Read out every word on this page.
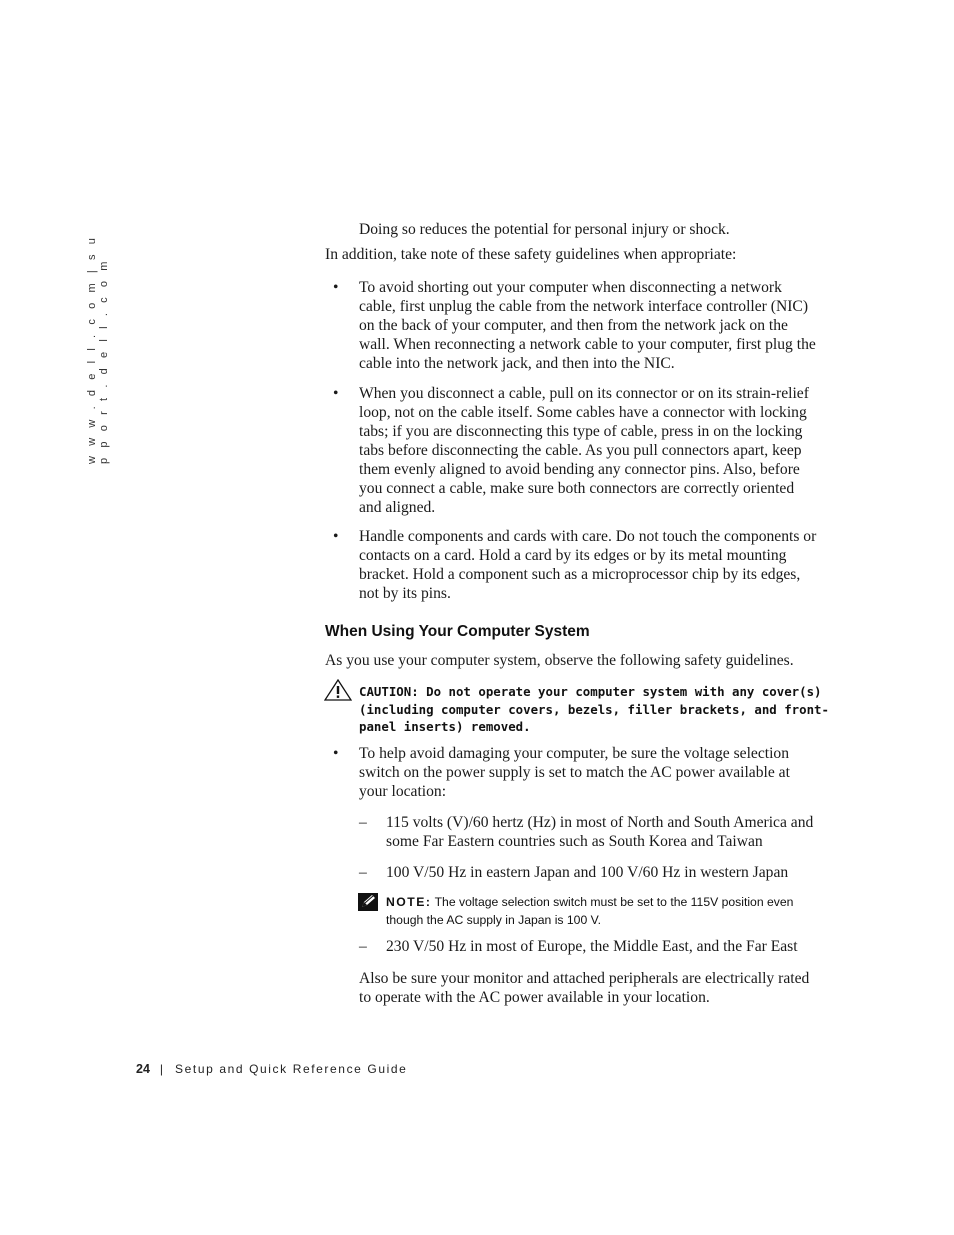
w w w . d e l l . c o m | s u p p o r t . d e l l . c o m
Doing so reduces the potential for personal injury or shock.
In addition, take note of these safety guidelines when appropriate:
• To avoid shorting out your computer when disconnecting a network cable, first unplug the cable from the network interface controller (NIC) on the back of your computer, and then from the network jack on the wall. When reconnecting a network cable to your computer, first plug the cable into the network jack, and then into the NIC.
• When you disconnect a cable, pull on its connector or on its strain-relief loop, not on the cable itself. Some cables have a connector with locking tabs; if you are disconnecting this type of cable, press in on the locking tabs before disconnecting the cable. As you pull connectors apart, keep them evenly aligned to avoid bending any connector pins. Also, before you connect a cable, make sure both connectors are correctly oriented and aligned.
• Handle components and cards with care. Do not touch the components or contacts on a card. Hold a card by its edges or by its metal mounting bracket. Hold a component such as a microprocessor chip by its edges, not by its pins.
When Using Your Computer System
As you use your computer system, observe the following safety guidelines.
CAUTION: Do not operate your computer system with any cover(s) (including computer covers, bezels, filler brackets, and front-panel inserts) removed.
• To help avoid damaging your computer, be sure the voltage selection switch on the power supply is set to match the AC power available at your location:
– 115 volts (V)/60 hertz (Hz) in most of North and South America and some Far Eastern countries such as South Korea and Taiwan
– 100 V/50 Hz in eastern Japan and 100 V/60 Hz in western Japan
NOTE: The voltage selection switch must be set to the 115V position even though the AC supply in Japan is 100 V.
– 230 V/50 Hz in most of Europe, the Middle East, and the Far East
Also be sure your monitor and attached peripherals are electrically rated to operate with the AC power available in your location.
24 | Setup and Quick Reference Guide
